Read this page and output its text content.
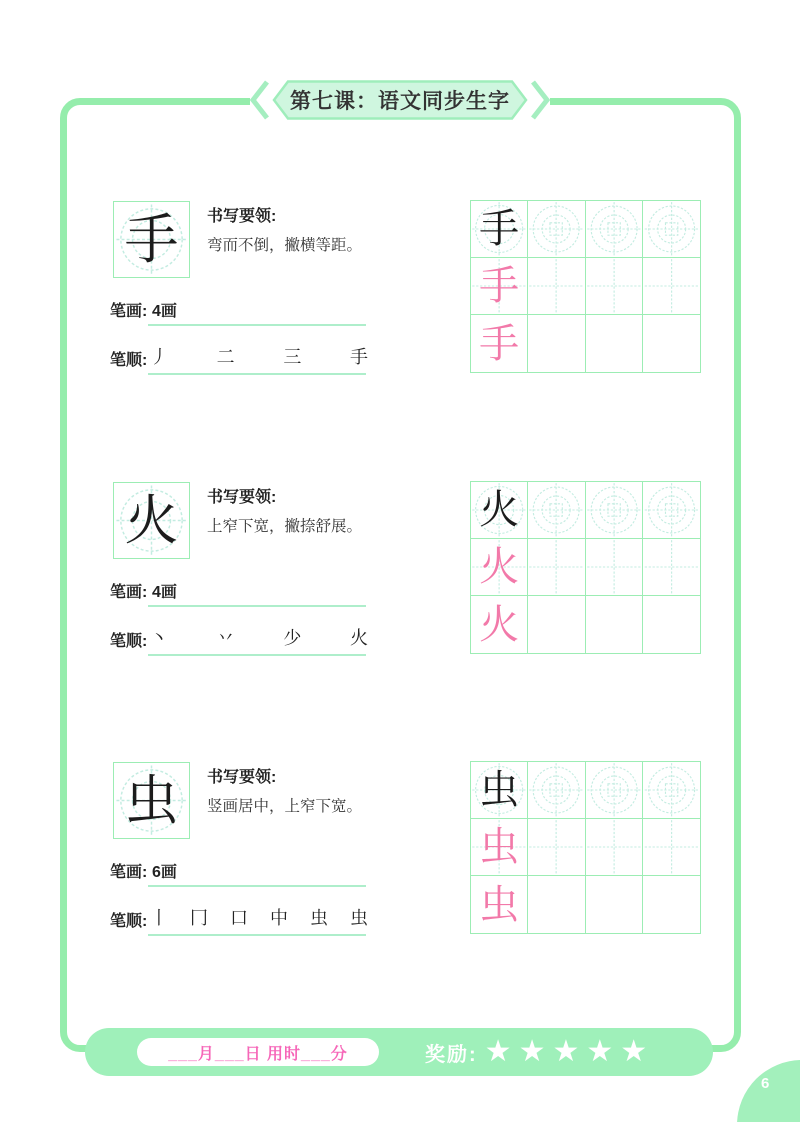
第七课：语文同步生字
手 书写要领:
弯而不倒，撇横等距。
笔画: 4画
笔顺: 丿	二	三	手
手
手
手
火 书写要领:
上窄下宽，撇捺舒展。
笔画: 4画
笔顺: 丶	丷	少	火
火
火
火
虫 书写要领:
竖画居中，上窄下宽。
笔画: 6画
笔顺: 丨 冂 口 中 虫 虫
虫
虫
虫
___月___日 用时___分	奖励: ★ ★ ★ ★ ★
6
